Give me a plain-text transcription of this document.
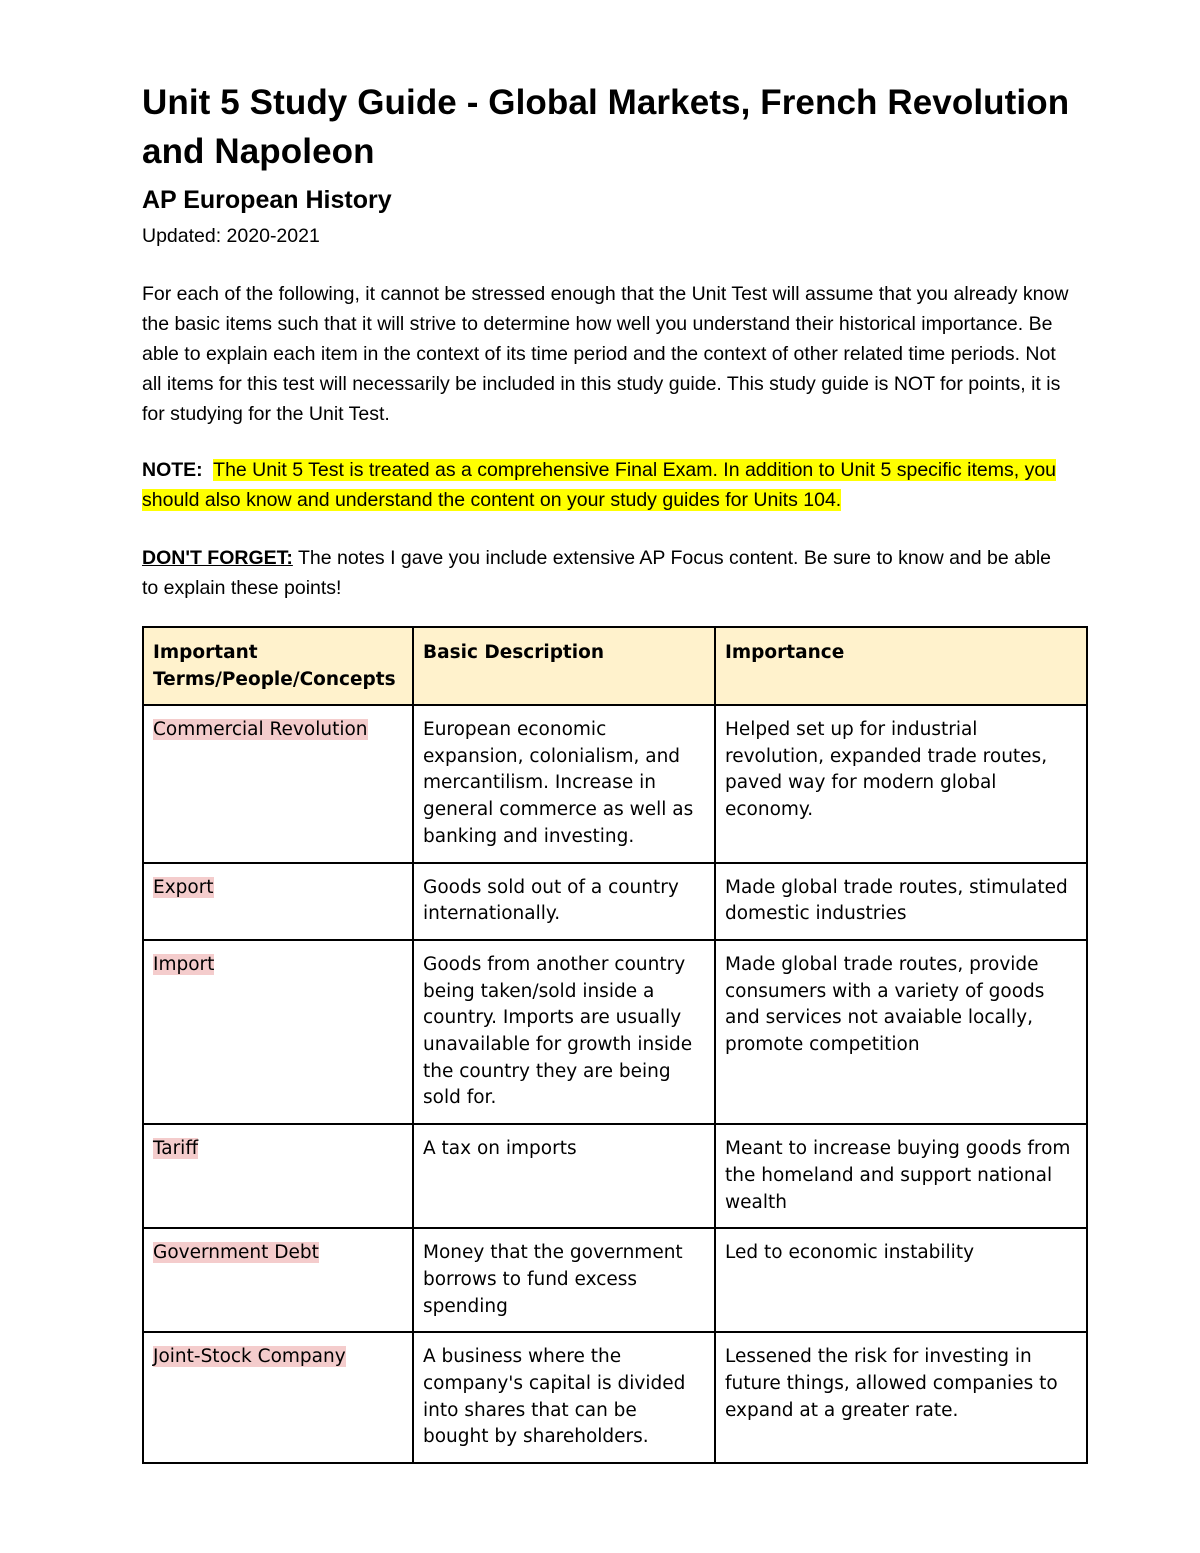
Unit 5 Study Guide - Global Markets, French Revolution and Napoleon
AP European History

Updated: 2020-2021

For each of the following, it cannot be stressed enough that the Unit Test will assume that you already know the basic items such that it will strive to determine how well you understand their historical importance. Be able to explain each item in the context of its time period and the context of other related time periods. Not all items for this test will necessarily be included in this study guide. This study guide is NOT for points, it is for studying for the Unit Test.

NOTE: The Unit 5 Test is treated as a comprehensive Final Exam. In addition to Unit 5 specific items, you should also know and understand the content on your study guides for Units 104.

DON'T FORGET: The notes I gave you include extensive AP Focus content. Be sure to know and be able to explain these points!

Important Terms/People/Concepts	Basic Description	Importance
Commercial Revolution	European economic expansion, colonialism, and mercantilism. Increase in general commerce as well as banking and investing.	Helped set up for industrial revolution, expanded trade routes, paved way for modern global economy.
Export	Goods sold out of a country internationally.	Made global trade routes, stimulated domestic industries
Import	Goods from another country being taken/sold inside a country. Imports are usually unavailable for growth inside the country they are being sold for.	Made global trade routes, provide consumers with a variety of goods and services not avaiable locally, promote competition
Tariff	A tax on imports	Meant to increase buying goods from the homeland and support national wealth
Government Debt	Money that the government borrows to fund excess spending	Led to economic instability
Joint-Stock Company	A business where the company's capital is divided into shares that can be bought by shareholders.	Lessened the risk for investing in future things, allowed companies to expand at a greater rate.
